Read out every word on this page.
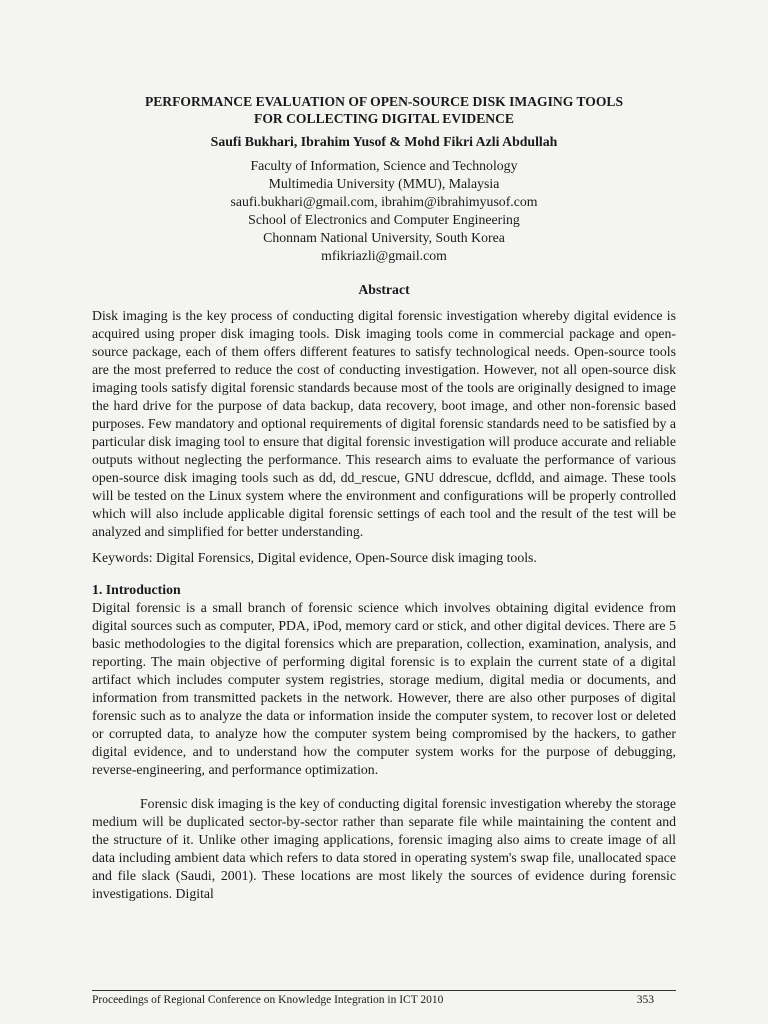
PERFORMANCE EVALUATION OF OPEN-SOURCE DISK IMAGING TOOLS
FOR COLLECTING DIGITAL EVIDENCE
Saufi Bukhari, Ibrahim Yusof & Mohd Fikri Azli Abdullah
Faculty of Information, Science and Technology
Multimedia University (MMU), Malaysia
saufi.bukhari@gmail.com, ibrahim@ibrahimyusof.com
School of Electronics and Computer Engineering
Chonnam National University, South Korea
mfikriazli@gmail.com
Abstract

Disk imaging is the key process of conducting digital forensic investigation whereby digital evidence is acquired using proper disk imaging tools. Disk imaging tools come in commercial package and open-source package, each of them offers different features to satisfy technological needs. Open-source tools are the most preferred to reduce the cost of conducting investigation. However, not all open-source disk imaging tools satisfy digital forensic standards because most of the tools are originally designed to image the hard drive for the purpose of data backup, data recovery, boot image, and other non-forensic based purposes. Few mandatory and optional requirements of digital forensic standards need to be satisfied by a particular disk imaging tool to ensure that digital forensic investigation will produce accurate and reliable outputs without neglecting the performance. This research aims to evaluate the performance of various open-source disk imaging tools such as dd, dd_rescue, GNU ddrescue, dcfldd, and aimage. These tools will be tested on the Linux system where the environment and configurations will be properly controlled which will also include applicable digital forensic settings of each tool and the result of the test will be analyzed and simplified for better understanding.

Keywords: Digital Forensics, Digital evidence, Open-Source disk imaging tools.

1. Introduction

Digital forensic is a small branch of forensic science which involves obtaining digital evidence from digital sources such as computer, PDA, iPod, memory card or stick, and other digital devices. There are 5 basic methodologies to the digital forensics which are preparation, collection, examination, analysis, and reporting. The main objective of performing digital forensic is to explain the current state of a digital artifact which includes computer system registries, storage medium, digital media or documents, and information from transmitted packets in the network. However, there are also other purposes of digital forensic such as to analyze the data or information inside the computer system, to recover lost or deleted or corrupted data, to analyze how the computer system being compromised by the hackers, to gather digital evidence, and to understand how the computer system works for the purpose of debugging, reverse-engineering, and performance optimization.

Forensic disk imaging is the key of conducting digital forensic investigation whereby the storage medium will be duplicated sector-by-sector rather than separate file while maintaining the content and the structure of it. Unlike other imaging applications, forensic imaging also aims to create image of all data including ambient data which refers to data stored in operating system's swap file, unallocated space and file slack (Saudi, 2001). These locations are most likely the sources of evidence during forensic investigations. Digital

Proceedings of Regional Conference on Knowledge Integration in ICT 2010	353
